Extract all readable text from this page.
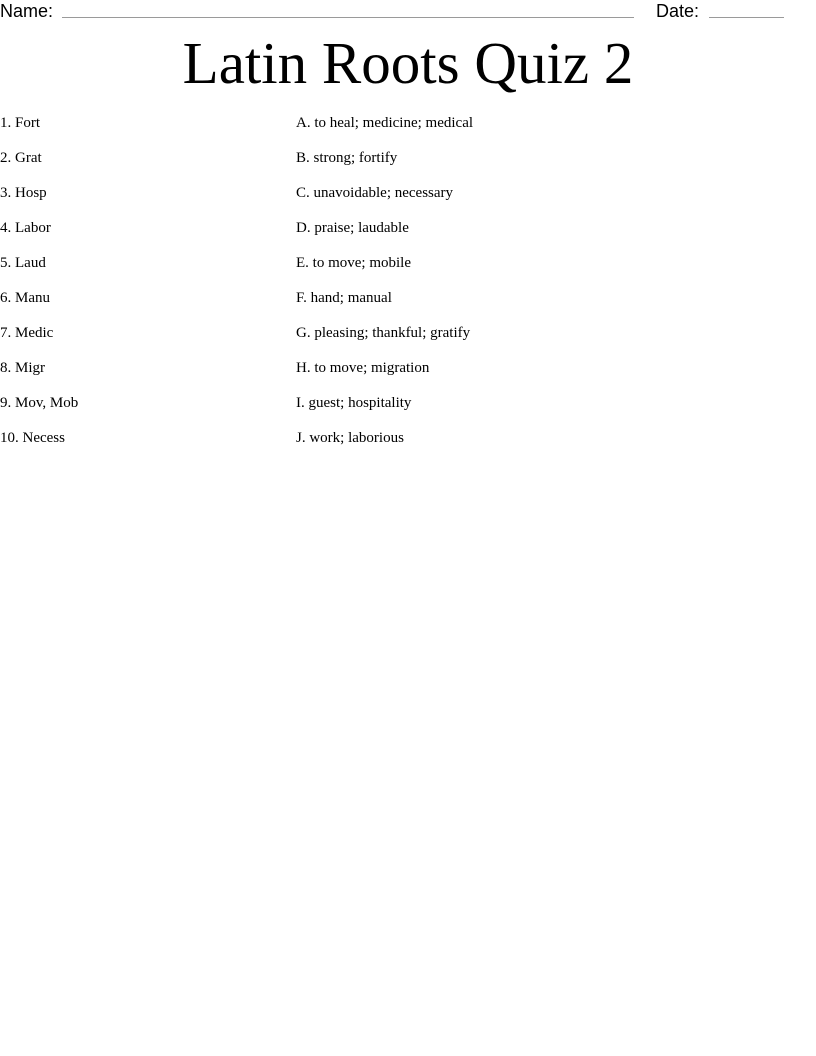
Name:	Date:
Latin Roots Quiz 2
1. Fort	A. to heal; medicine; medical
2. Grat	B. strong; fortify
3. Hosp	C. unavoidable; necessary
4. Labor	D. praise; laudable
5. Laud	E. to move; mobile
6. Manu	F. hand; manual
7. Medic	G. pleasing; thankful; gratify
8. Migr	H. to move; migration
9. Mov, Mob	I. guest; hospitality
10. Necess	J. work; laborious
